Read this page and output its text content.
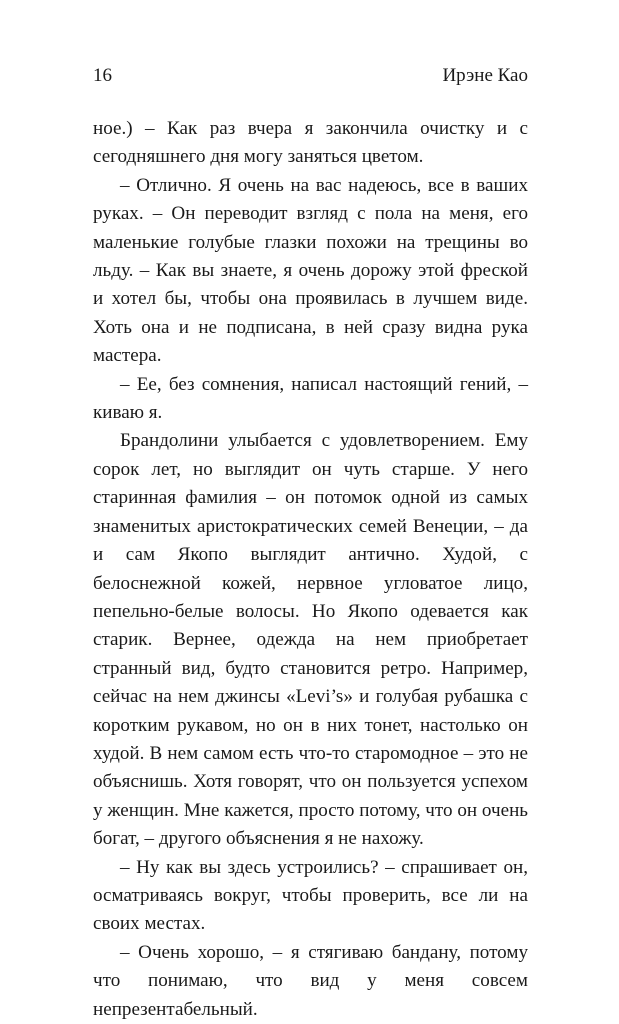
16	Ирэне Као

ное.) – Как раз вчера я закончила очистку и с сегодняшнего дня могу заняться цветом.

– Отлично. Я очень на вас надеюсь, все в ваших руках. – Он переводит взгляд с пола на меня, его маленькие голубые глазки похожи на трещины во льду. – Как вы знаете, я очень дорожу этой фреской и хотел бы, чтобы она проявилась в лучшем виде. Хоть она и не подписана, в ней сразу видна рука мастера.

– Ее, без сомнения, написал настоящий гений, – киваю я.

Брандолини улыбается с удовлетворением. Ему сорок лет, но выглядит он чуть старше. У него старинная фамилия – он потомок одной из самых знаменитых аристократических семей Венеции, – да и сам Якопо выглядит антично. Худой, с белоснежной кожей, нервное угловатое лицо, пепельно-белые волосы. Но Якопо одевается как старик. Вернее, одежда на нем приобретает странный вид, будто становится ретро. Например, сейчас на нем джинсы «Levi’s» и голубая рубашка с коротким рукавом, но он в них тонет, настолько он худой. В нем самом есть что-то старомодное – это не объяснишь. Хотя говорят, что он пользуется успехом у женщин. Мне кажется, просто потому, что он очень богат, – другого объяснения я не нахожу.

– Ну как вы здесь устроились? – спрашивает он, осматриваясь вокруг, чтобы проверить, все ли на своих местах.

– Очень хорошо, – я стягиваю бандану, потому что понимаю, что вид у меня совсем непрезентабельный.
